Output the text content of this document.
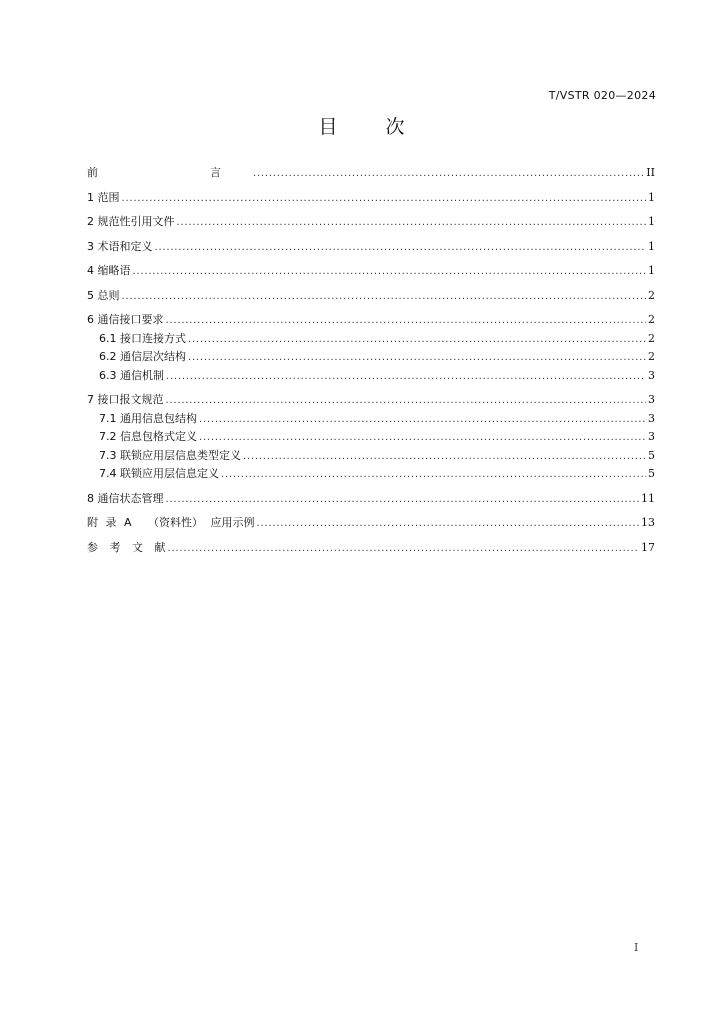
T/VSTR 020—2024
目 次
前　　言 . . .	II
1 范围 . . .	1
2 规范性引用文件 . . .	1
3 术语和定义 . . .	1
4 缩略语 . . .	1
5 总则 . . .	2
6 通信接口要求 . . .	2
6.1 接口连接方式 . . .	2
6.2 通信层次结构 . . .	2
6.3 通信机制 . . .	3
7 接口报文规范 . . .	3
7.1 通用信息包结构 . . .	3
7.2 信息包格式定义 . . .	3
7.3 联锁应用层信息类型定义 . . .	5
7.4 联锁应用层信息定义 . . .	5
8 通信状态管理 . . .	11
附 录 A　　（资料性） 应用示例 . . .	13
参 考 文 献 . . .	17
I
